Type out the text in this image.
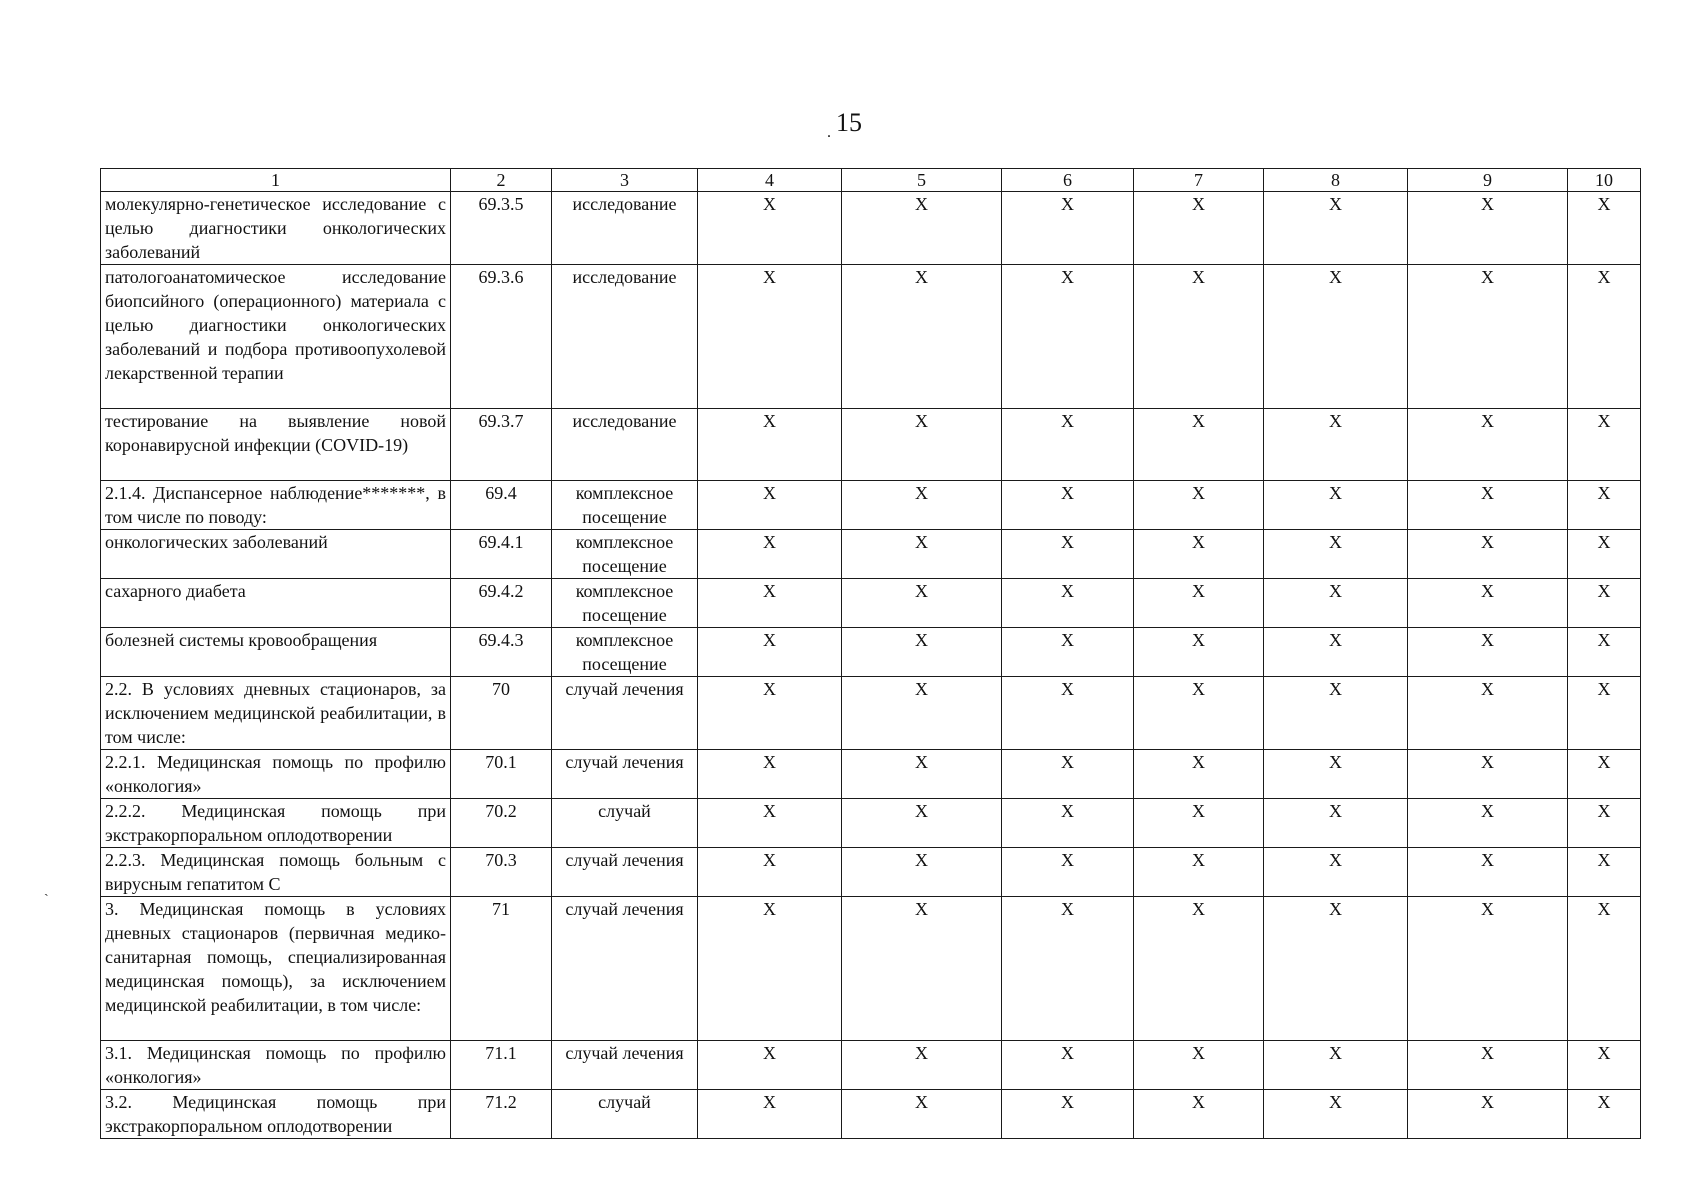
. 15
1	2	3	4	5	6	7	8	9	10
молекулярно-генетическое исследование с целью диагностики онкологических заболеваний	69.3.5	исследование	X	X	X	X	X	X	X
патологоанатомическое исследование биопсийного (операционного) материала с целью диагностики онкологических заболеваний и подбора противоопухолевой лекарственной терапии	69.3.6	исследование	X	X	X	X	X	X	X
тестирование на выявление новой коронавирусной инфекции (COVID-19)	69.3.7	исследование	X	X	X	X	X	X	X
2.1.4. Диспансерное наблюдение*******, в том числе по поводу:	69.4	комплексное посещение	X	X	X	X	X	X	X
онкологических заболеваний	69.4.1	комплексное посещение	X	X	X	X	X	X	X
сахарного диабета	69.4.2	комплексное посещение	X	X	X	X	X	X	X
болезней системы кровообращения	69.4.3	комплексное посещение	X	X	X	X	X	X	X
2.2. В условиях дневных стационаров, за исключением медицинской реабилитации, в том числе:	70	случай лечения	X	X	X	X	X	X	X
2.2.1. Медицинская помощь по профилю «онкология»	70.1	случай лечения	X	X	X	X	X	X	X
2.2.2. Медицинская помощь при экстракорпоральном оплодотворении	70.2	случай	X	X	X	X	X	X	X
2.2.3. Медицинская помощь больным с вирусным гепатитом С	70.3	случай лечения	X	X	X	X	X	X	X
3. Медицинская помощь в условиях дневных стационаров (первичная медико-санитарная помощь, специализированная медицинская помощь), за исключением медицинской реабилитации, в том числе:	71	случай лечения	X	X	X	X	X	X	X
3.1. Медицинская помощь по профилю «онкология»	71.1	случай лечения	X	X	X	X	X	X	X
3.2. Медицинская помощь при экстракорпоральном оплодотворении	71.2	случай	X	X	X	X	X	X	X
ˏ
